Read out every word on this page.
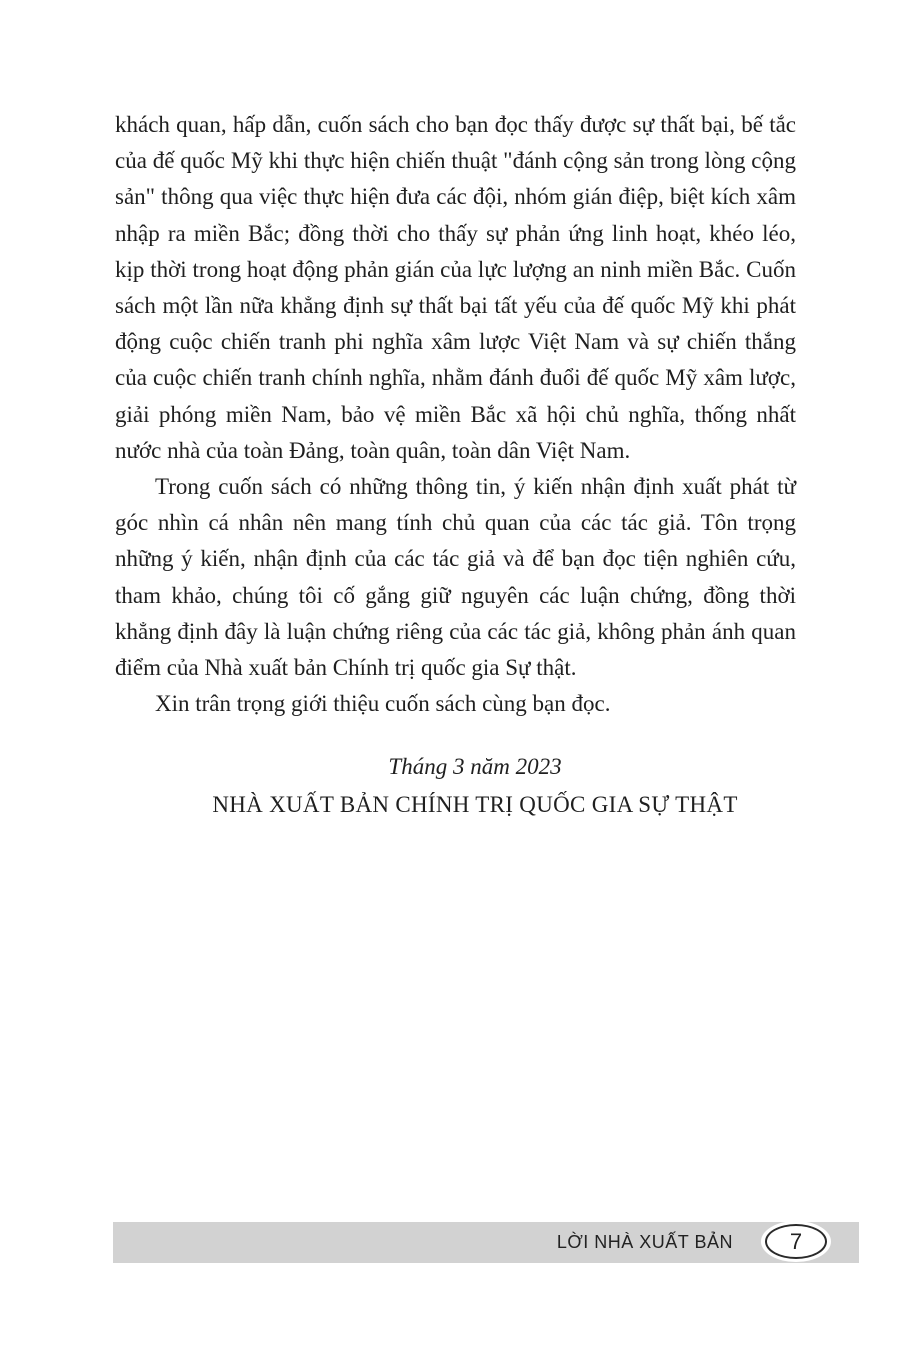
khách quan, hấp dẫn, cuốn sách cho bạn đọc thấy được sự thất bại, bế tắc của đế quốc Mỹ khi thực hiện chiến thuật "đánh cộng sản trong lòng cộng sản" thông qua việc thực hiện đưa các đội, nhóm gián điệp, biệt kích xâm nhập ra miền Bắc; đồng thời cho thấy sự phản ứng linh hoạt, khéo léo, kịp thời trong hoạt động phản gián của lực lượng an ninh miền Bắc. Cuốn sách một lần nữa khẳng định sự thất bại tất yếu của đế quốc Mỹ khi phát động cuộc chiến tranh phi nghĩa xâm lược Việt Nam và sự chiến thắng của cuộc chiến tranh chính nghĩa, nhằm đánh đuổi đế quốc Mỹ xâm lược, giải phóng miền Nam, bảo vệ miền Bắc xã hội chủ nghĩa, thống nhất nước nhà của toàn Đảng, toàn quân, toàn dân Việt Nam.

Trong cuốn sách có những thông tin, ý kiến nhận định xuất phát từ góc nhìn cá nhân nên mang tính chủ quan của các tác giả. Tôn trọng những ý kiến, nhận định của các tác giả và để bạn đọc tiện nghiên cứu, tham khảo, chúng tôi cố gắng giữ nguyên các luận chứng, đồng thời khẳng định đây là luận chứng riêng của các tác giả, không phản ánh quan điểm của Nhà xuất bản Chính trị quốc gia Sự thật.

Xin trân trọng giới thiệu cuốn sách cùng bạn đọc.

Tháng 3 năm 2023
NHÀ XUẤT BẢN CHÍNH TRỊ QUỐC GIA SỰ THẬT
LỜI NHÀ XUẤT BẢN	7
